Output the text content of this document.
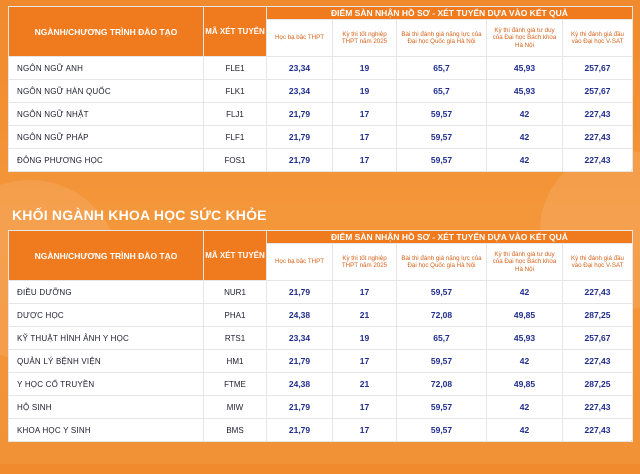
NGÀNH/CHƯƠNG TRÌNH ĐÀO TẠO	MÃ XÉT TUYỂN	ĐIỂM SÀN NHẬN HỒ SƠ - XÉT TUYỂN DỰA VÀO KẾT QUẢ				
		Học bạ bậc THPT	Kỳ thi tốt nghiệp THPT năm 2025	Bài thi đánh giá năng lực của Đại học Quốc gia Hà Nội	Kỳ thi đánh giá tư duy của Đại học Bách khoa Hà Nội	Kỳ thi đánh giá đầu vào Đại học V-SAT
NGÔN NGỮ ANH	FLE1	23,34	19	65,7	45,93	257,67
NGÔN NGỮ HÀN QUỐC	FLK1	23,34	19	65,7	45,93	257,67
NGÔN NGỮ NHẬT	FLJ1	21,79	17	59,57	42	227,43
NGÔN NGỮ PHÁP	FLF1	21,79	17	59,57	42	227,43
ĐÔNG PHƯƠNG HỌC	FOS1	21,79	17	59,57	42	227,43
KHỐI NGÀNH KHOA HỌC SỨC KHỎE
NGÀNH/CHƯƠNG TRÌNH ĐÀO TẠO	MÃ XÉT TUYỂN	ĐIỂM SÀN NHẬN HỒ SƠ - XÉT TUYỂN DỰA VÀO KẾT QUẢ				
		Học bạ bậc THPT	Kỳ thi tốt nghiệp THPT năm 2025	Bài thi đánh giá năng lực của Đại học Quốc gia Hà Nội	Kỳ thi đánh giá tư duy của Đại học Bách khoa Hà Nội	Kỳ thi đánh giá đầu vào Đại học V-SAT
ĐIỀU DƯỠNG	NUR1	21,79	17	59,57	42	227,43
DƯỢC HỌC	PHA1	24,38	21	72,08	49,85	287,25
KỸ THUẬT HÌNH ẢNH Y HỌC	RTS1	23,34	19	65,7	45,93	257,67
QUẢN LÝ BỆNH VIỆN	HM1	21,79	17	59,57	42	227,43
Y HỌC CỔ TRUYỀN	FTME	24,38	21	72,08	49,85	287,25
HỘ SINH	MIW	21,79	17	59,57	42	227,43
KHOA HỌC Y SINH	BMS	21,79	17	59,57	42	227,43
